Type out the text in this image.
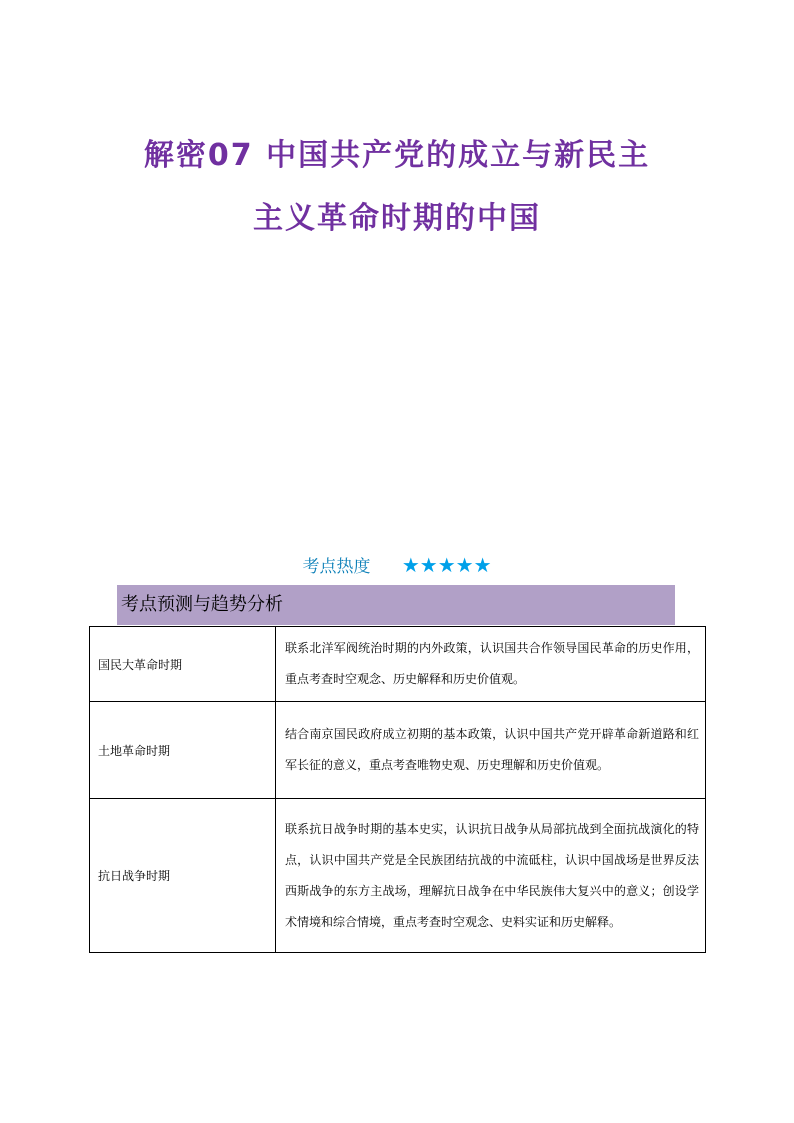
解密07 中国共产党的成立与新民主
主义革命时期的中国
考点热度 ★★★★★
考点预测与趋势分析
国民大革命时期	联系北洋军阀统治时期的内外政策，认识国共合作领导国民革命的历史作用，重点考查时空观念、历史解释和历史价值观。
土地革命时期	结合南京国民政府成立初期的基本政策，认识中国共产党开辟革命新道路和红军长征的意义，重点考查唯物史观、历史理解和历史价值观。
抗日战争时期	联系抗日战争时期的基本史实，认识抗日战争从局部抗战到全面抗战演化的特点，认识中国共产党是全民族团结抗战的中流砥柱，认识中国战场是世界反法西斯战争的东方主战场，理解抗日战争在中华民族伟大复兴中的意义；创设学术情境和综合情境，重点考查时空观念、史料实证和历史解释。
